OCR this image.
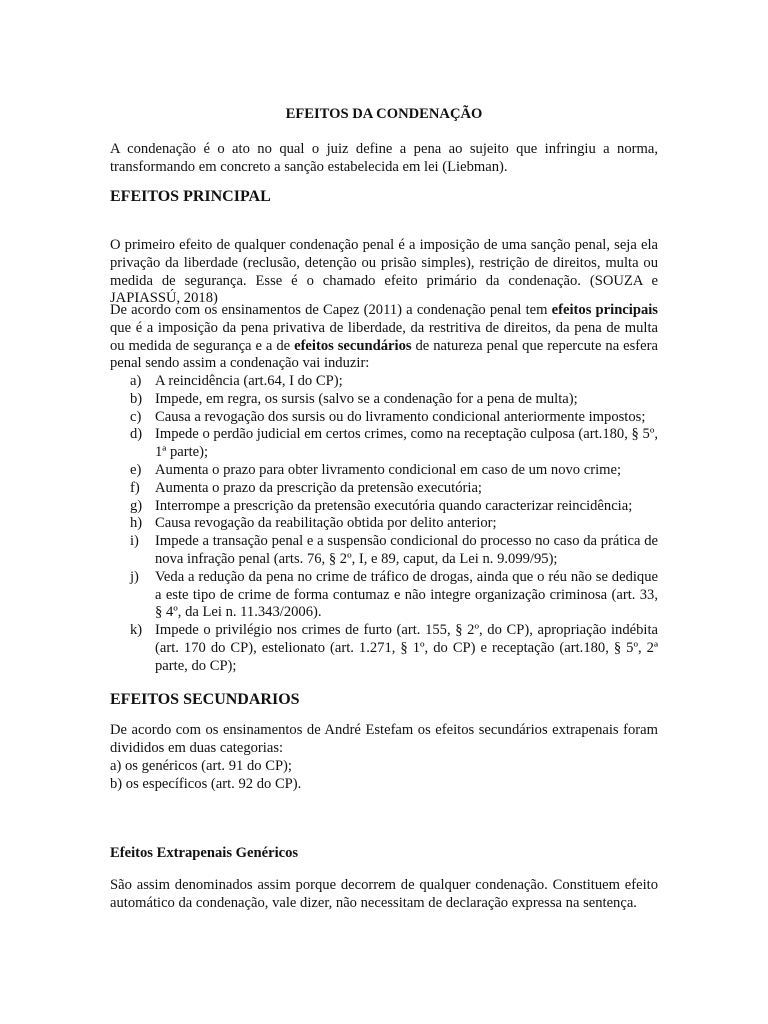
EFEITOS DA CONDENAÇÃO

A condenação é o ato no qual o juiz define a pena ao sujeito que infringiu a norma, transformando em concreto a sanção estabelecida em lei (Liebman).

EFEITOS PRINCIPAL

O primeiro efeito de qualquer condenação penal é a imposição de uma sanção penal, seja ela privação da liberdade (reclusão, detenção ou prisão simples), restrição de direitos, multa ou medida de segurança. Esse é o chamado efeito primário da condenação. (SOUZA e JAPIASSÚ, 2018)

De acordo com os ensinamentos de Capez (2011) a condenação penal tem efeitos principais que é a imposição da pena privativa de liberdade, da restritiva de direitos, da pena de multa ou medida de segurança e a de efeitos secundários de natureza penal que repercute na esfera penal sendo assim a condenação vai induzir:

a) A reincidência (art.64, I do CP);
b) Impede, em regra, os sursis (salvo se a condenação for a pena de multa);
c) Causa a revogação dos sursis ou do livramento condicional anteriormente impostos;
d) Impede o perdão judicial em certos crimes, como na receptação culposa (art.180, § 5º, 1ª parte);
e) Aumenta o prazo para obter livramento condicional em caso de um novo crime;
f) Aumenta o prazo da prescrição da pretensão executória;
g) Interrompe a prescrição da pretensão executória quando caracterizar reincidência;
h) Causa revogação da reabilitação obtida por delito anterior;
i) Impede a transação penal e a suspensão condicional do processo no caso da prática de nova infração penal (arts. 76, § 2º, I, e 89, caput, da Lei n. 9.099/95);
j) Veda a redução da pena no crime de tráfico de drogas, ainda que o réu não se dedique a este tipo de crime de forma contumaz e não integre organização criminosa (art. 33, § 4º, da Lei n. 11.343/2006).
k) Impede o privilégio nos crimes de furto (art. 155, § 2º, do CP), apropriação indébita (art. 170 do CP), estelionato (art. 1.271, § 1º, do CP) e receptação (art.180, § 5º, 2ª parte, do CP);
EFEITOS SECUNDARIOS

De acordo com os ensinamentos de André Estefam os efeitos secundários extrapenais foram divididos em duas categorias:

a) os genéricos (art. 91 do CP);
b) os específicos (art. 92 do CP).
Efeitos Extrapenais Genéricos

São assim denominados assim porque decorrem de qualquer condenação. Constituem efeito automático da condenação, vale dizer, não necessitam de declaração expressa na sentença.
